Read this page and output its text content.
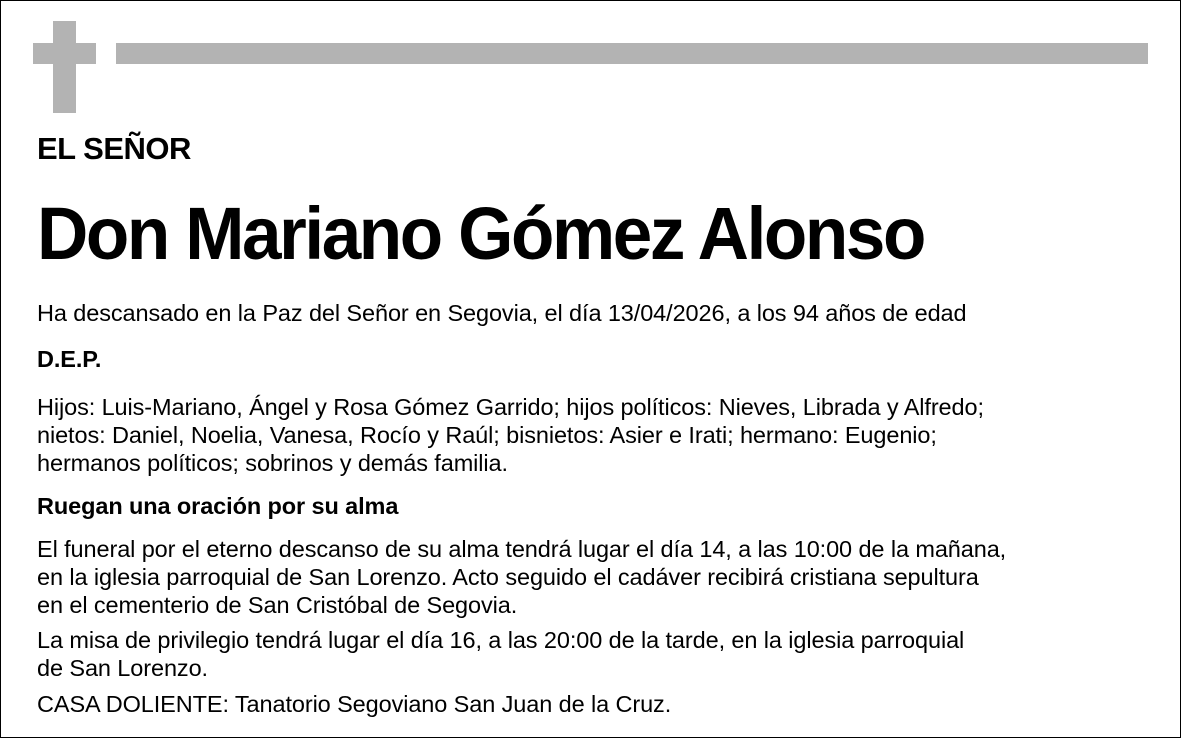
EL SEÑOR
Don Mariano Gómez Alonso
Ha descansado en la Paz del Señor en Segovia, el día 13/04/2026, a los 94 años de edad
D.E.P.
Hijos: Luis-Mariano, Ángel y Rosa Gómez Garrido; hijos políticos: Nieves, Librada y Alfredo;
nietos: Daniel, Noelia, Vanesa, Rocío y Raúl; bisnietos: Asier e Irati; hermano: Eugenio;
hermanos políticos; sobrinos y demás familia.
Ruegan una oración por su alma
El funeral por el eterno descanso de su alma tendrá lugar el día 14, a las 10:00 de la mañana,
en la iglesia parroquial de San Lorenzo. Acto seguido el cadáver recibirá cristiana sepultura
en el cementerio de San Cristóbal de Segovia.
La misa de privilegio tendrá lugar el día 16, a las 20:00 de la tarde, en la iglesia parroquial
de San Lorenzo.
CASA DOLIENTE: Tanatorio Segoviano San Juan de la Cruz.
